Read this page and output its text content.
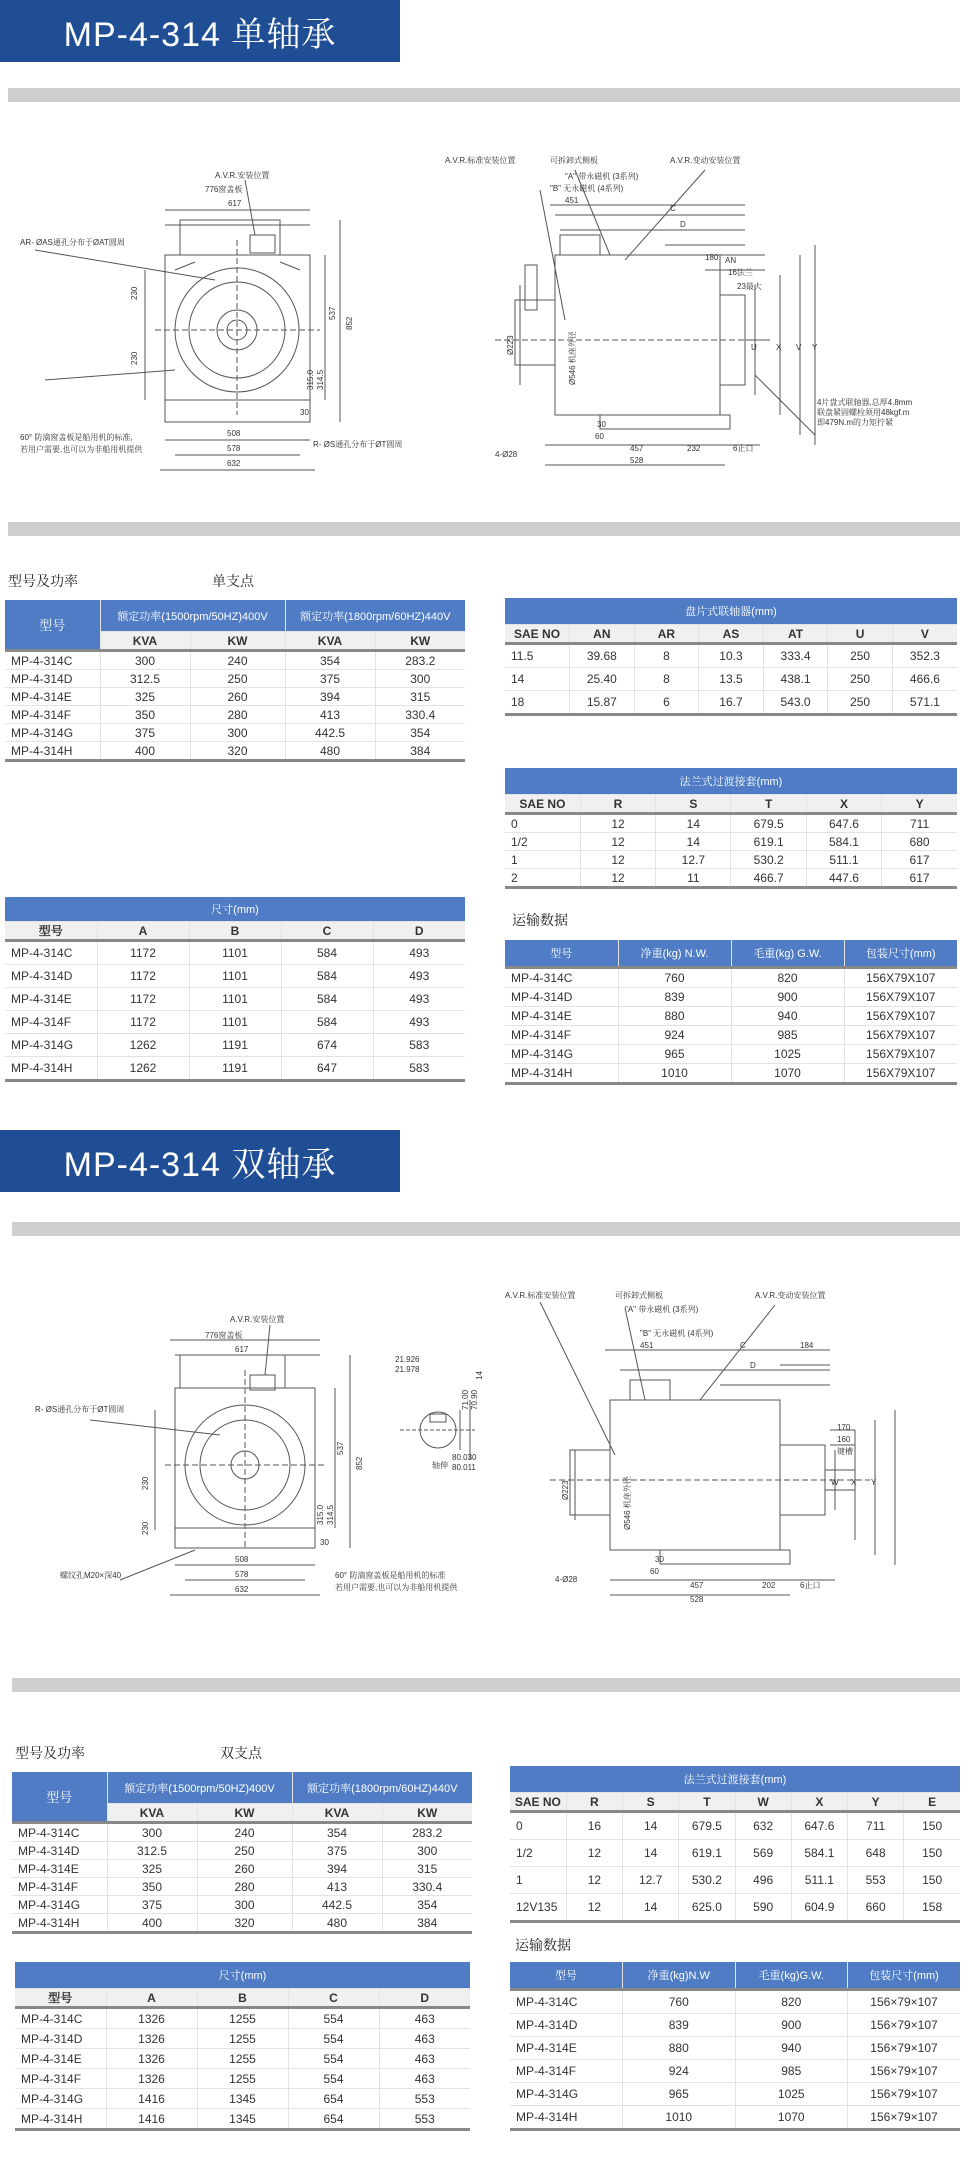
MP-4-314 单轴承
A.V.R.安装位置
776窗盖板
617
AR- ØAS通孔分布于ØAT圆周
230
230
537
852
315.0 314.5
508
578
632
30
R- ØS通孔分布于ØT圆周
60° 防滴窗盖板是船用机的标准,
若用户需要,也可以为非船用机提供
A.V.R.标准安装位置	可拆卸式侧板	A.V.R.变动安装位置
"A" 带永磁机 (3系列)
"B" 无永磁机 (4系列)
451
C
D
180 AN
16法兰
23最大
Ø223	Ø546 机座外径	U X	Y
V
4片盘式联轴器,总厚4.8mm
联盘紧固螺栓须用48kgf.m
即479N.m的力矩拧紧
30
60
457	232	6止口
528
4-Ø28
型号及功率	单支点
型号	额定功率(1500rpm/50HZ)400V		额定功率(1800rpm/60HZ)440V	
	KVA	KW	KVA	KW
MP-4-314C	300	240	354	283.2
MP-4-314D	312.5	250	375	300
MP-4-314E	325	260	394	315
MP-4-314F	350	280	413	330.4
MP-4-314G	375	300	442.5	354
MP-4-314H	400	320	480	384
盘片式联轴器(mm)						
SAE NO	AN	AR	AS	AT	U	V
11.5	39.68	8	10.3	333.4	250	352.3
14	25.40	8	13.5	438.1	250	466.6
18	15.87	6	16.7	543.0	250	571.1
法兰式过渡接套(mm)					
SAE NO	R	S	T	X	Y
0	12	14	679.5	647.6	711
1/2	12	14	619.1	584.1	680
1	12	12.7	530.2	511.1	617
2	12	11	466.7	447.6	617
尺寸(mm)				
型号	A	B	C	D
MP-4-314C	1172	1101	584	493
MP-4-314D	1172	1101	584	493
MP-4-314E	1172	1101	584	493
MP-4-314F	1172	1101	584	493
MP-4-314G	1262	1191	674	583
MP-4-314H	1262	1191	647	583
运输数据
型号	净重(kg) N.W.	毛重(kg) G.W.	包装尺寸(mm)
MP-4-314C	760	820	156X79X107
MP-4-314D	839	900	156X79X107
MP-4-314E	880	940	156X79X107
MP-4-314F	924	985	156X79X107
MP-4-314G	965	1025	156X79X107
MP-4-314H	1010	1070	156X79X107
MP-4-314 双轴承
A.V.R.安装位置
776窗盖板
617
R- ØS通孔分布于ØT圆周
230
230
537
852
315.0 314.5
508
578
632
30
螺纹孔M20×深40	60° 防滴窗盖板是船用机的标准
若用户需要,也可以为非船用机提供
21.926
21.978
14
71.00 70.90
80.030
80.011
轴伸
A.V.R.标准安装位置	可拆卸式侧板	A.V.R.变动安装位置
"A" 带永磁机 (3系列)
"B" 无永磁机 (4系列)
451	C	184
D
170
160
键槽
W X Y
Ø223	Ø546 机座外径
30
60
457	202	6止口
528
4-Ø28
型号及功率	双支点
型号	额定功率(1500rpm/50HZ)400V		额定功率(1800rpm/60HZ)440V	
	KVA	KW	KVA	KW
MP-4-314C	300	240	354	283.2
MP-4-314D	312.5	250	375	300
MP-4-314E	325	260	394	315
MP-4-314F	350	280	413	330.4
MP-4-314G	375	300	442.5	354
MP-4-314H	400	320	480	384
法兰式过渡接套(mm)							
SAE NO	R	S	T	W	X	Y	E
0	16	14	679.5	632	647.6	711	150
1/2	12	14	619.1	569	584.1	648	150
1	12	12.7	530.2	496	511.1	553	150
12V135	12	14	625.0	590	604.9	660	158
尺寸(mm)				
型号	A	B	C	D
MP-4-314C	1326	1255	554	463
MP-4-314D	1326	1255	554	463
MP-4-314E	1326	1255	554	463
MP-4-314F	1326	1255	554	463
MP-4-314G	1416	1345	654	553
MP-4-314H	1416	1345	654	553
运输数据
型号	净重(kg)N.W	毛重(kg)G.W.	包装尺寸(mm)
MP-4-314C	760	820	156×79×107
MP-4-314D	839	900	156×79×107
MP-4-314E	880	940	156×79×107
MP-4-314F	924	985	156×79×107
MP-4-314G	965	1025	156×79×107
MP-4-314H	1010	1070	156×79×107
